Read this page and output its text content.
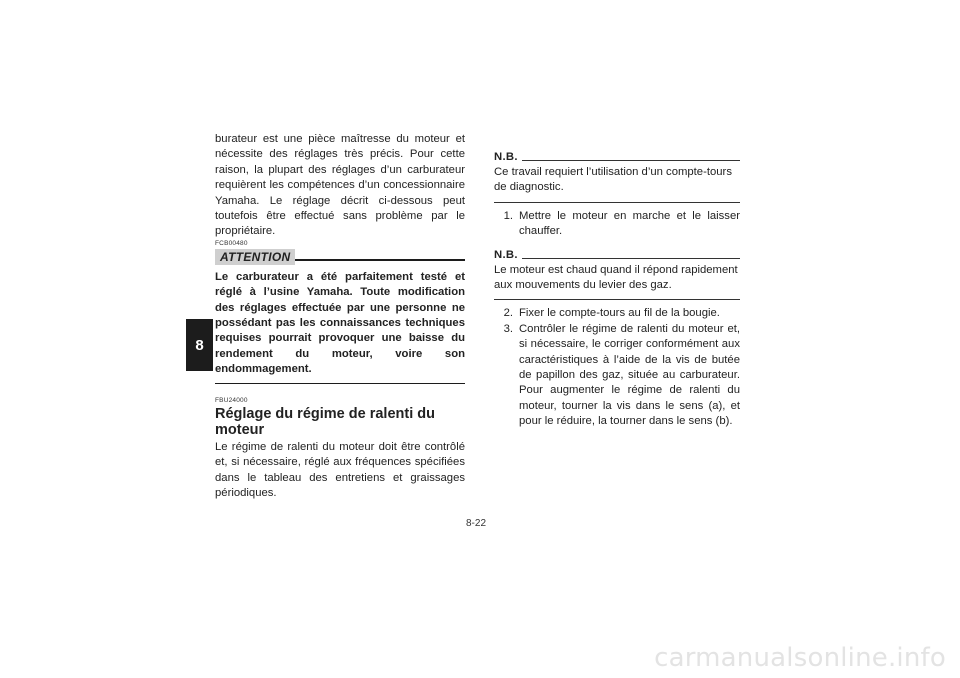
8

burateur est une pièce maîtresse du moteur et nécessite des réglages très précis. Pour cette raison, la plupart des réglages d’un carburateur requièrent les compétences d’un concessionnaire Yamaha. Le réglage décrit ci-dessous peut toutefois être effectué sans problème par le propriétaire.

FCB00480
ATTENTION

Le carburateur a été parfaitement testé et réglé à l’usine Yamaha. Toute modification des réglages effectuée par une personne ne possédant pas les connaissances techniques requises pourrait provoquer une baisse du rendement du moteur, voire son endommagement.

FBU24000
Réglage du régime de ralenti du moteur

Le régime de ralenti du moteur doit être contrôlé et, si nécessaire, réglé aux fréquences spécifiées dans le tableau des entretiens et graissages périodiques.

N.B.

Ce travail requiert l’utilisation d’un compte-tours de diagnostic.

1. Mettre le moteur en marche et le laisser chauffer.
N.B.

Le moteur est chaud quand il répond rapidement aux mouvements du levier des gaz.

2. Fixer le compte-tours au fil de la bougie.
3. Contrôler le régime de ralenti du moteur et, si nécessaire, le corriger conformément aux caractéristiques à l’aide de la vis de butée de papillon des gaz, située au carburateur. Pour augmenter le régime de ralenti du moteur, tourner la vis dans le sens (a), et pour le réduire, la tourner dans le sens (b).
8-22
carmanualsonline.info
